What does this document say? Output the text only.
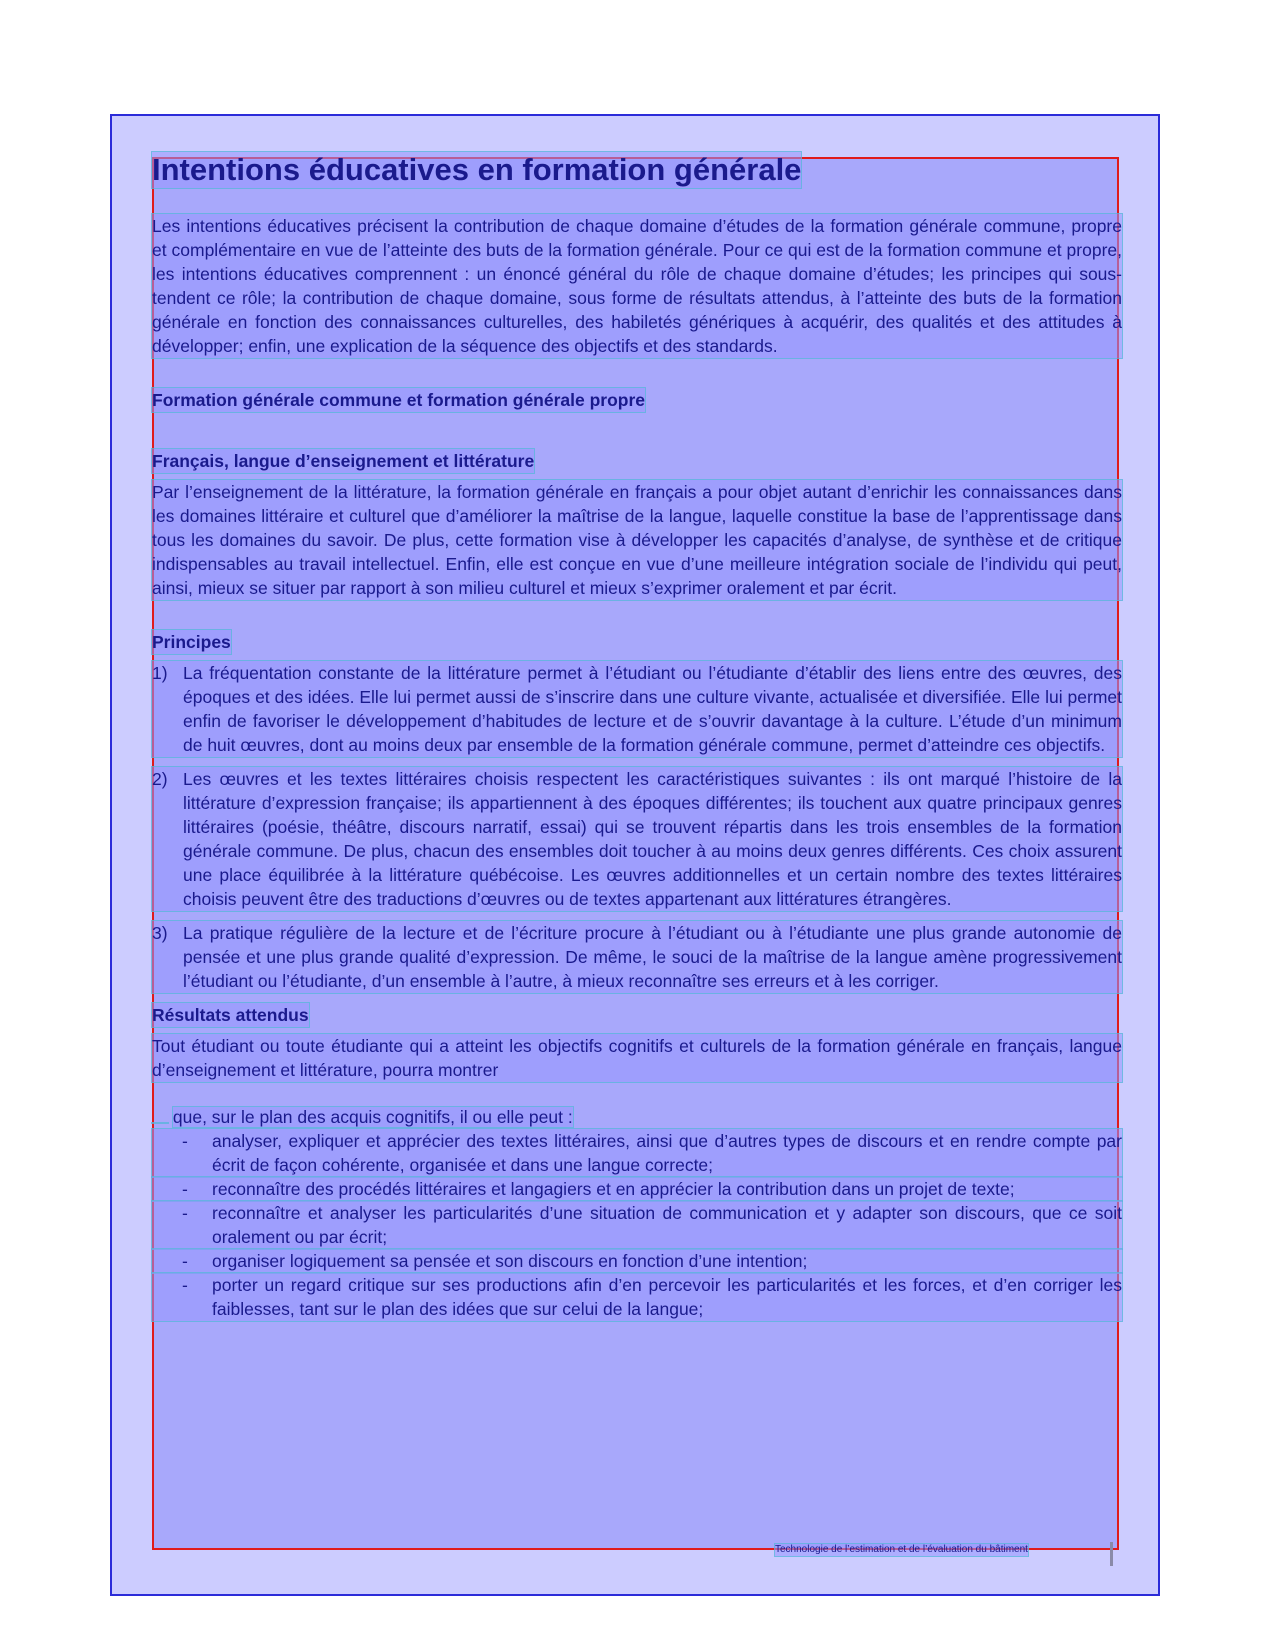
Intentions éducatives en formation générale

Les intentions éducatives précisent la contribution de chaque domaine d’études de la formation générale commune, propre et complémentaire en vue de l’atteinte des buts de la formation générale. Pour ce qui est de la formation commune et propre, les intentions éducatives comprennent : un énoncé général du rôle de chaque domaine d’études; les principes qui sous-tendent ce rôle; la contribution de chaque domaine, sous forme de résultats attendus, à l’atteinte des buts de la formation générale en fonction des connaissances culturelles, des habiletés génériques à acquérir, des qualités et des attitudes à développer; enfin, une explication de la séquence des objectifs et des standards.

Formation générale commune et formation générale propre
Français, langue d’enseignement et littérature

Par l’enseignement de la littérature, la formation générale en français a pour objet autant d’enrichir les connaissances dans les domaines littéraire et culturel que d’améliorer la maîtrise de la langue, laquelle constitue la base de l’apprentissage dans tous les domaines du savoir. De plus, cette formation vise à développer les capacités d’analyse, de synthèse et de critique indispensables au travail intellectuel. Enfin, elle est conçue en vue d’une meilleure intégration sociale de l’individu qui peut, ainsi, mieux se situer par rapport à son milieu culturel et mieux s’exprimer oralement et par écrit.

Principes
1) La fréquentation constante de la littérature permet à l’étudiant ou l’étudiante d’établir des liens entre des œuvres, des époques et des idées. Elle lui permet aussi de s’inscrire dans une culture vivante, actualisée et diversifiée. Elle lui permet enfin de favoriser le développement d’habitudes de lecture et de s’ouvrir davantage à la culture. L’étude d’un minimum de huit œuvres, dont au moins deux par ensemble de la formation générale commune, permet d’atteindre ces objectifs.
2) Les œuvres et les textes littéraires choisis respectent les caractéristiques suivantes : ils ont marqué l’histoire de la littérature d’expression française; ils appartiennent à des époques différentes; ils touchent aux quatre principaux genres littéraires (poésie, théâtre, discours narratif, essai) qui se trouvent répartis dans les trois ensembles de la formation générale commune. De plus, chacun des ensembles doit toucher à au moins deux genres différents. Ces choix assurent une place équilibrée à la littérature québécoise. Les œuvres additionnelles et un certain nombre des textes littéraires choisis peuvent être des traductions d’œuvres ou de textes appartenant aux littératures étrangères.
3) La pratique régulière de la lecture et de l’écriture procure à l’étudiant ou à l’étudiante une plus grande autonomie de pensée et une plus grande qualité d’expression. De même, le souci de la maîtrise de la langue amène progressivement l’étudiant ou l’étudiante, d’un ensemble à l’autre, à mieux reconnaître ses erreurs et à les corriger.
Résultats attendus

Tout étudiant ou toute étudiante qui a atteint les objectifs cognitifs et culturels de la formation générale en français, langue d’enseignement et littérature, pourra montrer

que, sur le plan des acquis cognitifs, il ou elle peut :

- analyser, expliquer et apprécier des textes littéraires, ainsi que d’autres types de discours et en rendre compte par écrit de façon cohérente, organisée et dans une langue correcte;
- reconnaître des procédés littéraires et langagiers et en apprécier la contribution dans un projet de texte;
- reconnaître et analyser les particularités d’une situation de communication et y adapter son discours, que ce soit oralement ou par écrit;
- organiser logiquement sa pensée et son discours en fonction d’une intention;
- porter un regard critique sur ses productions afin d’en percevoir les particularités et les forces, et d’en corriger les faiblesses, tant sur le plan des idées que sur celui de la langue;
Technologie de l’estimation et de l’évaluation du bâtiment
